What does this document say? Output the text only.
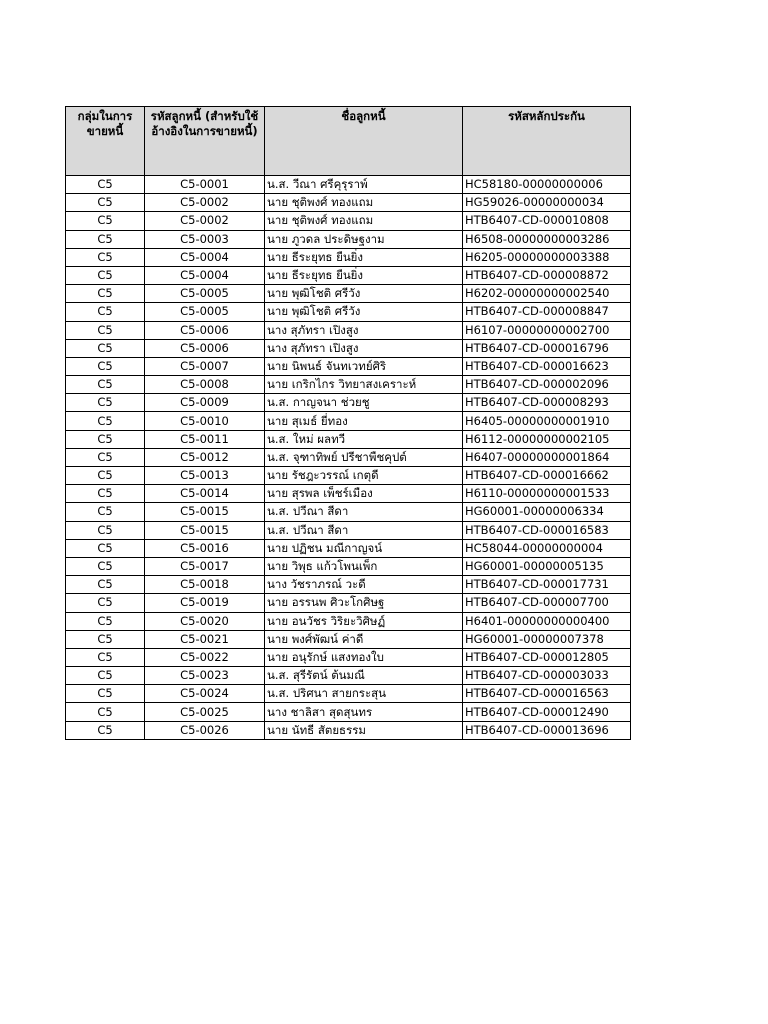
กลุ่มในการขายหนี้	รหัสลูกหนี้ (สำหรับใช้อ้างอิงในการขายหนี้)	ชื่อลูกหนี้	รหัสหลักประกัน
C5	C5-0001	น.ส. วีณา ศรีคุรุราพ์	HC58180-00000000006
C5	C5-0002	นาย ชุติพงศ์ ทองแถม	HG59026-00000000034
C5	C5-0002	นาย ชุติพงศ์ ทองแถม	HTB6407-CD-000010808
C5	C5-0003	นาย ภูวดล ประดิษฐงาม	H6508-00000000003286
C5	C5-0004	นาย ธีระยุทธ ยืนยิ่ง	H6205-00000000003388
C5	C5-0004	นาย ธีระยุทธ ยืนยิ่ง	HTB6407-CD-000008872
C5	C5-0005	นาย พุฒิโชติ ศรีวัง	H6202-00000000002540
C5	C5-0005	นาย พุฒิโชติ ศรีวัง	HTB6407-CD-000008847
C5	C5-0006	นาง สุภัทรา เปิงสูง	H6107-00000000002700
C5	C5-0006	นาง สุภัทรา เปิงสูง	HTB6407-CD-000016796
C5	C5-0007	นาย นิพนธ์ จันทเวทย์ศิริ	HTB6407-CD-000016623
C5	C5-0008	นาย เกริกไกร วิทยาสงเคราะห์	HTB6407-CD-000002096
C5	C5-0009	น.ส. กาญจนา ช่วยชู	HTB6407-CD-000008293
C5	C5-0010	นาย สุเมธ์ ยี่ทอง	H6405-00000000001910
C5	C5-0011	น.ส. ใหม่ ผลทวี	H6112-00000000002105
C5	C5-0012	น.ส. จุฑาทิพย์ ปรีชาพืชคุปต์	H6407-00000000001864
C5	C5-0013	นาย รัชฎะวรรณ์ เกตุดี	HTB6407-CD-000016662
C5	C5-0014	นาย สุรพล เพ็ชร์เมือง	H6110-00000000001533
C5	C5-0015	น.ส. ปวีณา สีดา	HG60001-00000006334
C5	C5-0015	น.ส. ปวีณา สีดา	HTB6407-CD-000016583
C5	C5-0016	นาย ปฏิชน มณีกาญจน์	HC58044-00000000004
C5	C5-0017	นาย วิพุธ แก้วโพนเพ็ก	HG60001-00000005135
C5	C5-0018	นาง วัชราภรณ์ วะดี	HTB6407-CD-000017731
C5	C5-0019	นาย อรรนพ ศิวะโกศิษฐ	HTB6407-CD-000007700
C5	C5-0020	นาย อนวัชร วิริยะวิศิษฏ์	H6401-00000000000400
C5	C5-0021	นาย พงศ์พัฒน์ ค่าดี	HG60001-00000007378
C5	C5-0022	นาย อนุรักษ์ แสงทองใบ	HTB6407-CD-000012805
C5	C5-0023	น.ส. สุรีรัตน์ ต้นมณี	HTB6407-CD-000003033
C5	C5-0024	น.ส. ปริศนา สายกระสุน	HTB6407-CD-000016563
C5	C5-0025	นาง ชาลิสา สุดสุนทร	HTB6407-CD-000012490
C5	C5-0026	นาย นัทธี สัตยธรรม	HTB6407-CD-000013696
